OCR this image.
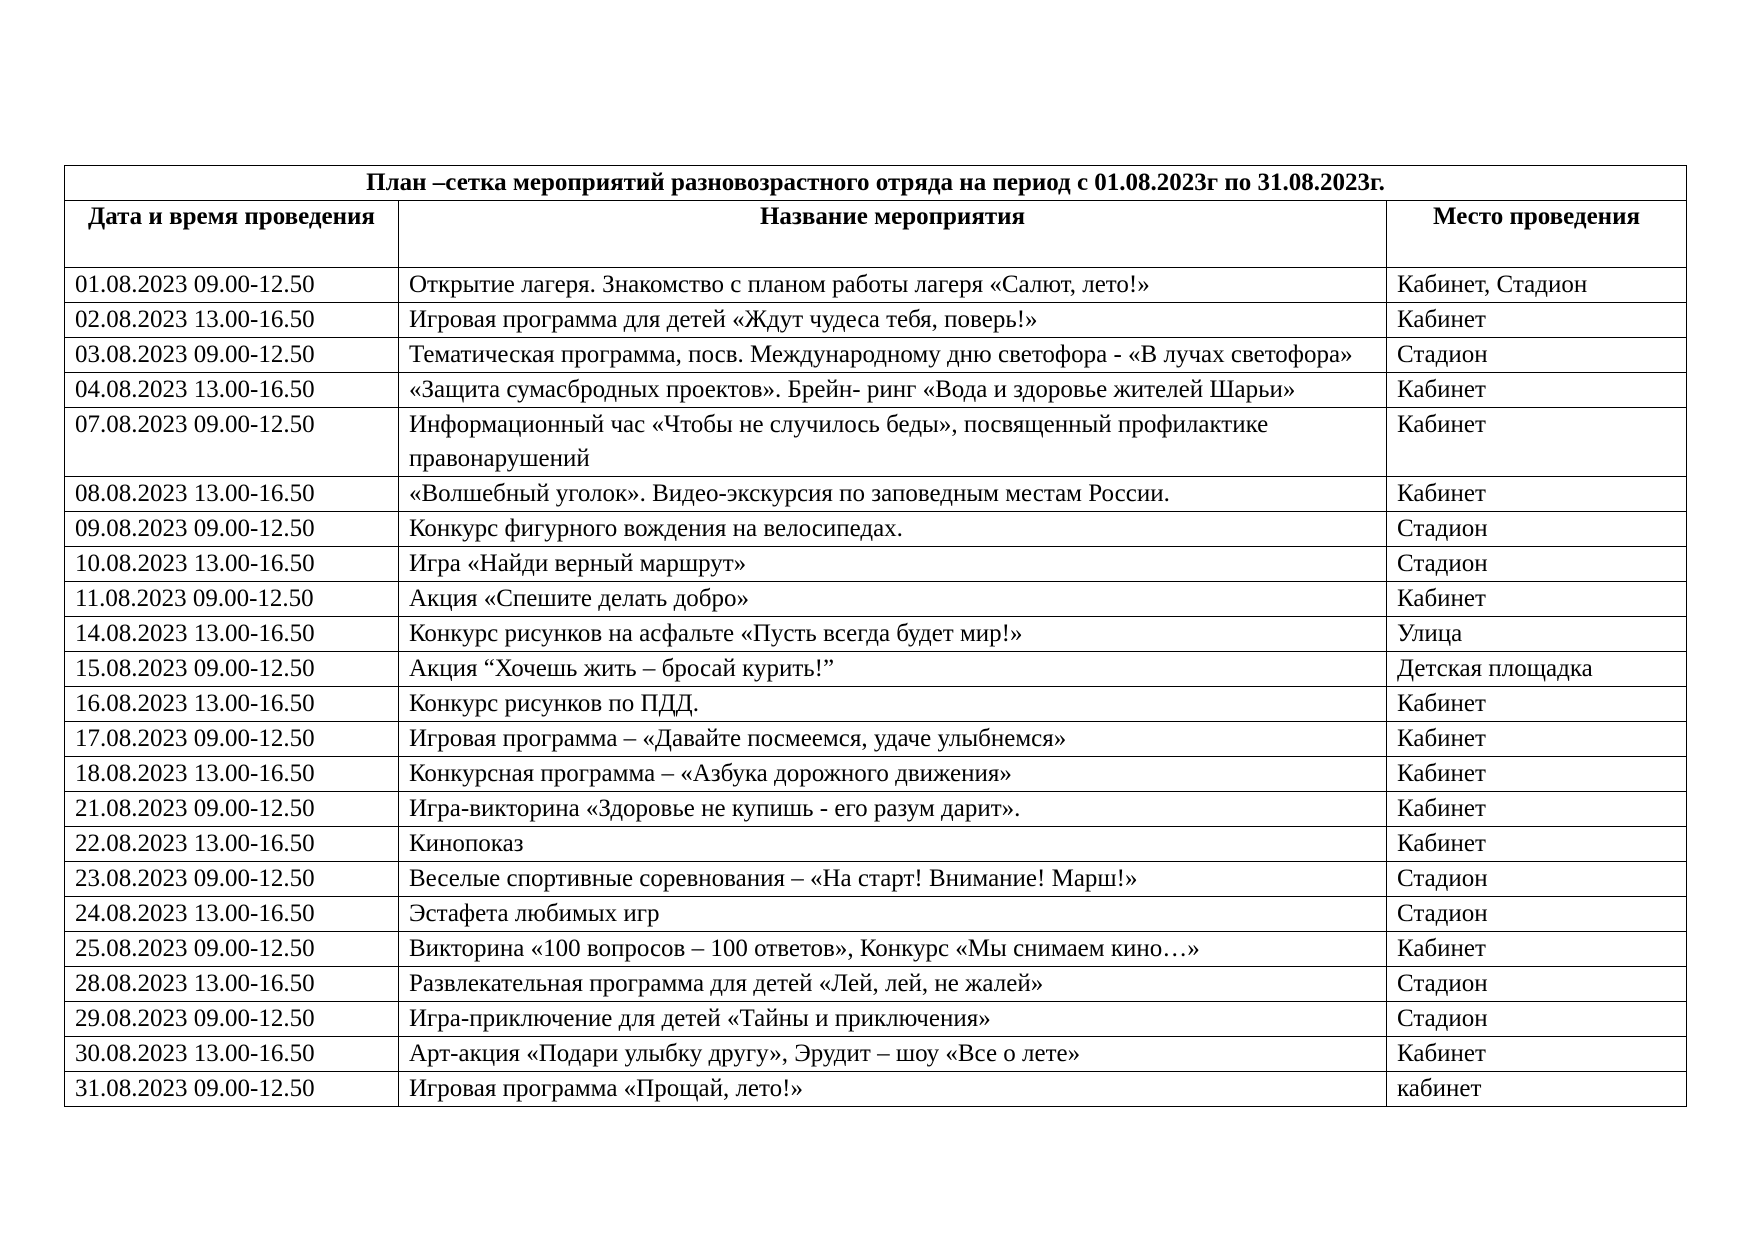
План –сетка мероприятий разновозрастного отряда на период с 01.08.2023г по 31.08.2023г.		
Дата и время проведения	Название мероприятия	Место проведения
01.08.2023 09.00-12.50	Открытие лагеря. Знакомство с планом работы лагеря «Салют, лето!»	Кабинет, Стадион
02.08.2023 13.00-16.50	Игровая программа для детей «Ждут чудеса тебя, поверь!»	Кабинет
03.08.2023 09.00-12.50	Тематическая программа, посв. Международному дню светофора - «В лучах светофора»	Стадион
04.08.2023 13.00-16.50	«Защита сумасбродных проектов». Брейн- ринг «Вода и здоровье жителей Шарьи»	Кабинет
07.08.2023 09.00-12.50	Информационный час «Чтобы не случилось беды», посвященный профилактике правонарушений	Кабинет
08.08.2023 13.00-16.50	«Волшебный уголок». Видео-экскурсия по заповедным местам России.	Кабинет
09.08.2023 09.00-12.50	Конкурс фигурного вождения на велосипедах.	Стадион
10.08.2023 13.00-16.50	Игра «Найди верный маршрут»	Стадион
11.08.2023 09.00-12.50	Акция «Спешите делать добро»	Кабинет
14.08.2023 13.00-16.50	Конкурс рисунков на асфальте «Пусть всегда будет мир!»	Улица
15.08.2023 09.00-12.50	Акция “Хочешь жить – бросай курить!”	Детская площадка
16.08.2023 13.00-16.50	Конкурс рисунков по ПДД.	Кабинет
17.08.2023 09.00-12.50	Игровая программа – «Давайте посмеемся, удаче улыбнемся»	Кабинет
18.08.2023 13.00-16.50	Конкурсная программа – «Азбука дорожного движения»	Кабинет
21.08.2023 09.00-12.50	Игра-викторина «Здоровье не купишь - его разум дарит».	Кабинет
22.08.2023 13.00-16.50	Кинопоказ	Кабинет
23.08.2023 09.00-12.50	Веселые спортивные соревнования – «На старт! Внимание! Марш!»	Стадион
24.08.2023 13.00-16.50	Эстафета любимых игр	Стадион
25.08.2023 09.00-12.50	Викторина «100 вопросов – 100 ответов», Конкурс «Мы снимаем кино…»	Кабинет
28.08.2023 13.00-16.50	Развлекательная программа для детей «Лей, лей, не жалей»	Стадион
29.08.2023 09.00-12.50	Игра-приключение для детей «Тайны и приключения»	Стадион
30.08.2023 13.00-16.50	Арт-акция «Подари улыбку другу», Эрудит – шоу «Все о лете»	Кабинет
31.08.2023 09.00-12.50	Игровая программа «Прощай, лето!»	кабинет
